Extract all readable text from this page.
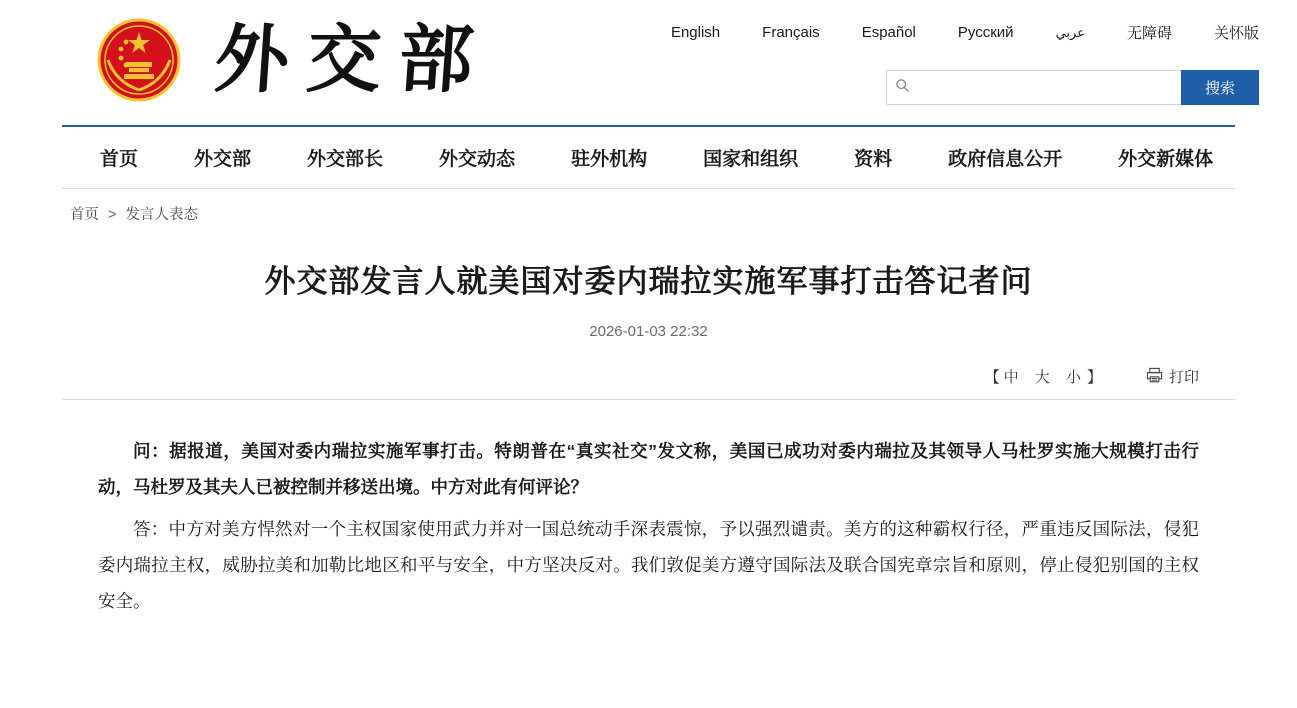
外交部	English	Français	Español	Русский	عربي	无障碍	关怀版
搜索
首页	外交部	外交部长	外交动态	驻外机构	国家和组织	资料	政府信息公开	外交新媒体
首页 > 发言人表态
外交部发言人就美国对委内瑞拉实施军事打击答记者问
2026-01-03 22:32
【 中 大 小 】	打印

问：据报道，美国对委内瑞拉实施军事打击。特朗普在“真实社交”发文称，美国已成功对委内瑞拉及其领导人马杜罗实施大规模打击行动，马杜罗及其夫人已被控制并移送出境。中方对此有何评论？

答：中方对美方悍然对一个主权国家使用武力并对一国总统动手深表震惊，予以强烈谴责。美方的这种霸权行径，严重违反国际法，侵犯委内瑞拉主权，威胁拉美和加勒比地区和平与安全，中方坚决反对。我们敦促美方遵守国际法及联合国宪章宗旨和原则，停止侵犯别国的主权安全。
